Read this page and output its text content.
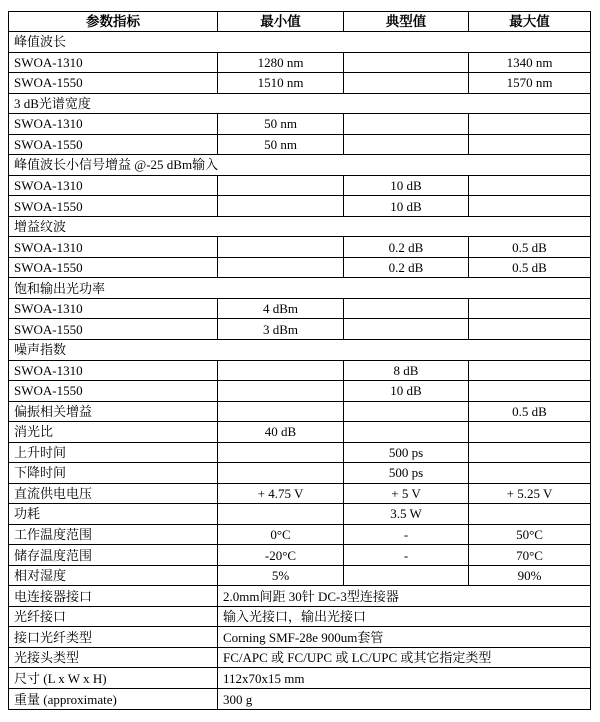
参数指标	最小值	典型值	最大值
峰值波长			
SWOA-1310	1280 nm		1340 nm
SWOA-1550	1510 nm		1570 nm
3 dB光谱宽度			
SWOA-1310	50 nm		
SWOA-1550	50 nm		
峰值波长小信号增益 @-25 dBm输入			
SWOA-1310		10 dB	
SWOA-1550		10 dB	
增益纹波			
SWOA-1310		0.2 dB	0.5 dB
SWOA-1550		0.2 dB	0.5 dB
饱和输出光功率			
SWOA-1310	4 dBm		
SWOA-1550	3 dBm		
噪声指数			
SWOA-1310		8 dB	
SWOA-1550		10 dB	
偏振相关增益			0.5 dB
消光比	40 dB		
上升时间		500 ps	
下降时间		500 ps	
直流供电电压	+ 4.75 V	+ 5 V	+ 5.25 V
功耗		3.5 W	
工作温度范围	0°C	-	50°C
储存温度范围	-20°C	-	70°C
相对湿度	5%		90%
电连接器接口	2.0mm间距 30针 DC-3型连接器		
光纤接口	输入光接口，输出光接口		
接口光纤类型	Corning SMF-28e 900um套管		
光接头类型	FC/APC 或 FC/UPC 或 LC/UPC 或其它指定类型		
尺寸 (L x W x H)	112x70x15 mm		
重量 (approximate)	300 g		
